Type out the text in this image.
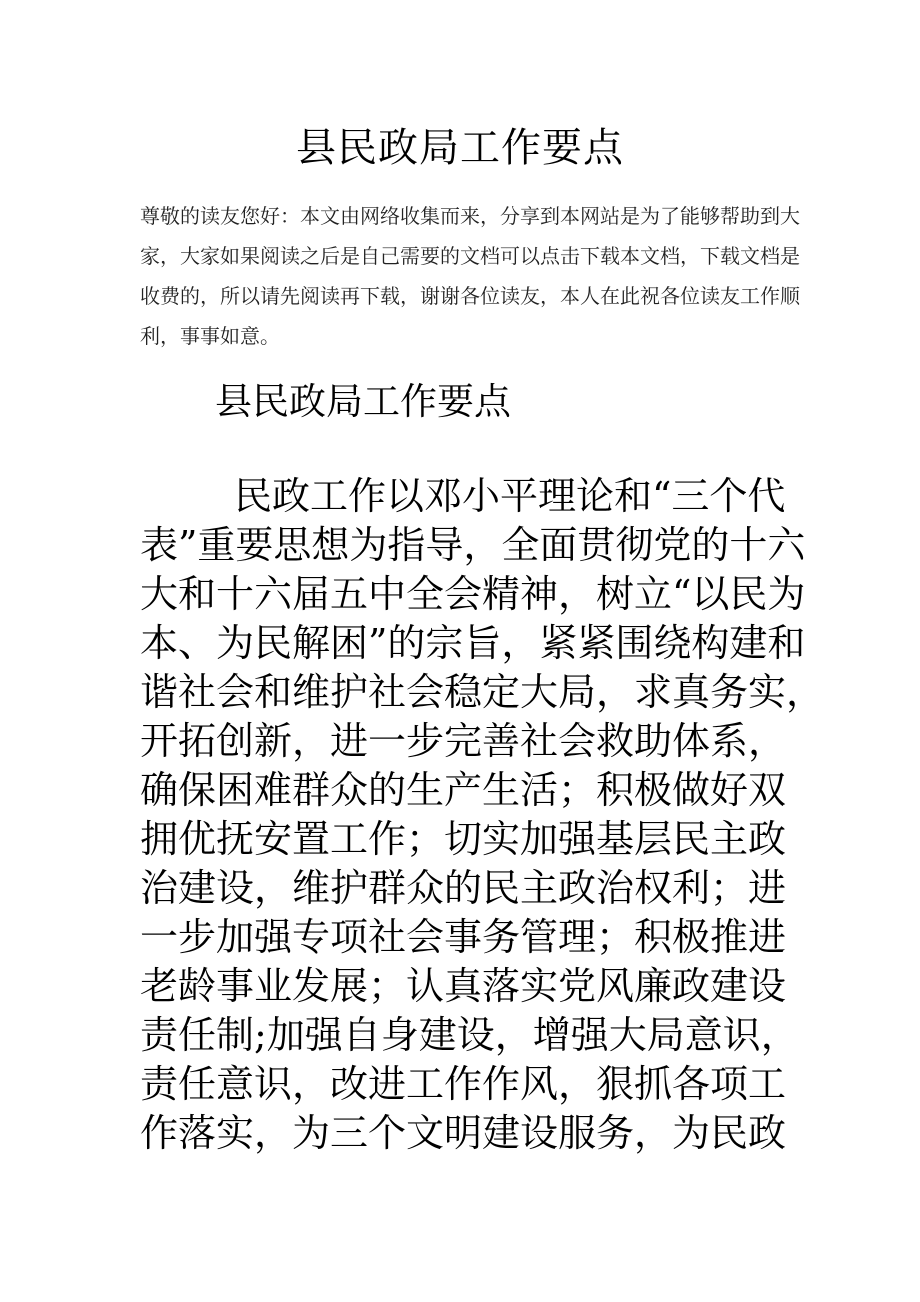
县民政局工作要点
尊敬的读友您好：本文由网络收集而来，分享到本网站是为了能够帮助到大
家，大家如果阅读之后是自己需要的文档可以点击下载本文档，下载文档是
收费的，所以请先阅读再下载，谢谢各位读友，本人在此祝各位读友工作顺
利，事事如意。
县民政局工作要点
民政工作以邓小平理论和“三个代
表”重要思想为指导，全面贯彻党的十六
大和十六届五中全会精神，树立“以民为
本、为民解困”的宗旨，紧紧围绕构建和
谐社会和维护社会稳定大局，求真务实，
开拓创新，进一步完善社会救助体系，
确保困难群众的生产生活；积极做好双
拥优抚安置工作；切实加强基层民主政
治建设，维护群众的民主政治权利；进
一步加强专项社会事务管理；积极推进
老龄事业发展；认真落实党风廉政建设
责任制;加强自身建设，增强大局意识，
责任意识，改进工作作风，狠抓各项工
作落实，为三个文明建设服务，为民政
